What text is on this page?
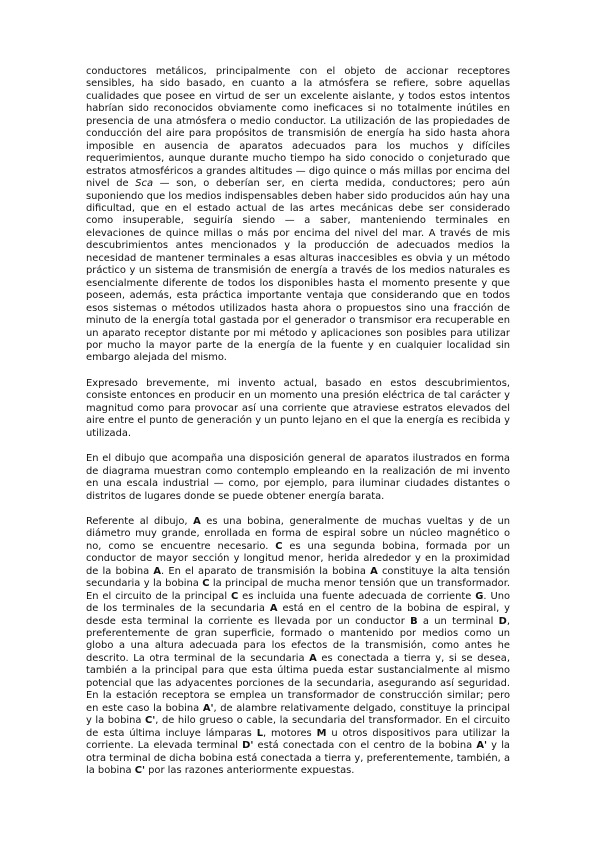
conductores metálicos, principalmente con el objeto de accionar receptores sensibles, ha sido basado, en cuanto a la atmósfera se refiere, sobre aquellas cualidades que posee en virtud de ser un excelente aislante, y todos estos intentos habrían sido reconocidos obviamente como ineficaces si no totalmente inútiles en presencia de una atmósfera o medio conductor. La utilización de las propiedades de conducción del aire para propósitos de transmisión de energía ha sido hasta ahora imposible en ausencia de aparatos adecuados para los muchos y difíciles requerimientos, aunque durante mucho tiempo ha sido conocido o conjeturado que estratos atmosféricos a grandes altitudes — digo quince o más millas por encima del nivel de Sca — son, o deberían ser, en cierta medida, conductores; pero aún suponiendo que los medios indispensables deben haber sido producidos aún hay una dificultad, que en el estado actual de las artes mecánicas debe ser considerado como insuperable, seguiría siendo — a saber, manteniendo terminales en elevaciones de quince millas o más por encima del nivel del mar. A través de mis descubrimientos antes mencionados y la producción de adecuados medios la necesidad de mantener terminales a esas alturas inaccesibles es obvia y un método práctico y un sistema de transmisión de energía a través de los medios naturales es esencialmente diferente de todos los disponibles hasta el momento presente y que poseen, además, esta práctica importante ventaja que considerando que en todos esos sistemas o métodos utilizados hasta ahora o propuestos sino una fracción de minuto de la energía total gastada por el generador o transmisor era recuperable en un aparato receptor distante por mi método y aplicaciones son posibles para utilizar por mucho la mayor parte de la energía de la fuente y en cualquier localidad sin embargo alejada del mismo.

Expresado brevemente, mi invento actual, basado en estos descubrimientos, consiste entonces en producir en un momento una presión eléctrica de tal carácter y magnitud como para provocar así una corriente que atraviese estratos elevados del aire entre el punto de generación y un punto lejano en el que la energía es recibida y utilizada.

En el dibujo que acompaña una disposición general de aparatos ilustrados en forma de diagrama muestran como contemplo empleando en la realización de mi invento en una escala industrial — como, por ejemplo, para iluminar ciudades distantes o distritos de lugares donde se puede obtener energía barata.

Referente al dibujo, A es una bobina, generalmente de muchas vueltas y de un diámetro muy grande, enrollada en forma de espiral sobre un núcleo magnético o no, como se encuentre necesario. C es una segunda bobina, formada por un conductor de mayor sección y longitud menor, herida alrededor y en la proximidad de la bobina A. En el aparato de transmisión la bobina A constituye la alta tensión secundaria y la bobina C la principal de mucha menor tensión que un transformador. En el circuito de la principal C es incluida una fuente adecuada de corriente G. Uno de los terminales de la secundaria A está en el centro de la bobina de espiral, y desde esta terminal la corriente es llevada por un conductor B a un terminal D, preferentemente de gran superficie, formado o mantenido por medios como un globo a una altura adecuada para los efectos de la transmisión, como antes he descrito. La otra terminal de la secundaria A es conectada a tierra y, si se desea, también a la principal para que esta última pueda estar sustancialmente al mismo potencial que las adyacentes porciones de la secundaria, asegurando así seguridad. En la estación receptora se emplea un transformador de construcción similar; pero en este caso la bobina A', de alambre relativamente delgado, constituye la principal y la bobina C', de hilo grueso o cable, la secundaria del transformador. En el circuito de esta última incluye lámparas L, motores M u otros dispositivos para utilizar la corriente. La elevada terminal D' está conectada con el centro de la bobina A' y la otra terminal de dicha bobina está conectada a tierra y, preferentemente, también, a la bobina C' por las razones anteriormente expuestas.
